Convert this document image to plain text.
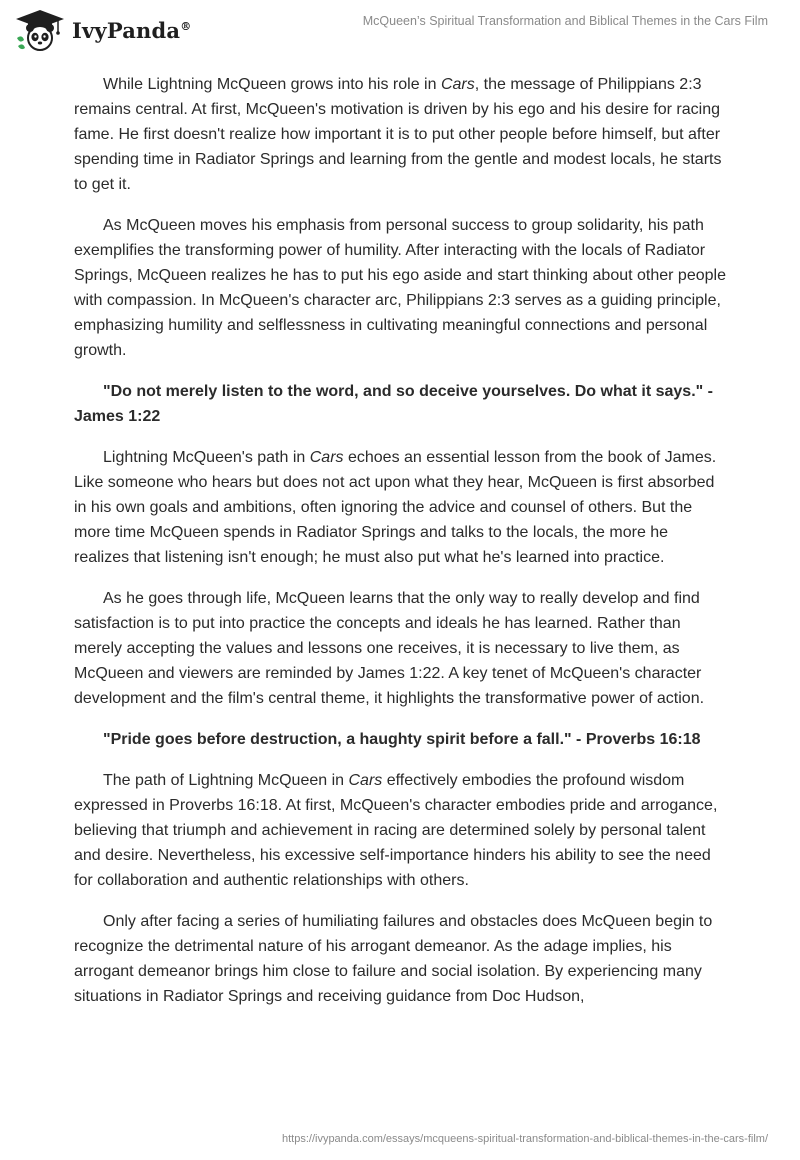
IvyPanda®	McQueen’s Spiritual Transformation and Biblical Themes in the Cars Film

While Lightning McQueen grows into his role in Cars, the message of Philippians 2:3 remains central. At first, McQueen's motivation is driven by his ego and his desire for racing fame. He first doesn't realize how important it is to put other people before himself, but after spending time in Radiator Springs and learning from the gentle and modest locals, he starts to get it.

As McQueen moves his emphasis from personal success to group solidarity, his path exemplifies the transforming power of humility. After interacting with the locals of Radiator Springs, McQueen realizes he has to put his ego aside and start thinking about other people with compassion. In McQueen's character arc, Philippians 2:3 serves as a guiding principle, emphasizing humility and selflessness in cultivating meaningful connections and personal growth.

"Do not merely listen to the word, and so deceive yourselves. Do what it says." - James 1:22

Lightning McQueen's path in Cars echoes an essential lesson from the book of James. Like someone who hears but does not act upon what they hear, McQueen is first absorbed in his own goals and ambitions, often ignoring the advice and counsel of others. But the more time McQueen spends in Radiator Springs and talks to the locals, the more he realizes that listening isn't enough; he must also put what he's learned into practice.

As he goes through life, McQueen learns that the only way to really develop and find satisfaction is to put into practice the concepts and ideals he has learned. Rather than merely accepting the values and lessons one receives, it is necessary to live them, as McQueen and viewers are reminded by James 1:22. A key tenet of McQueen's character development and the film's central theme, it highlights the transformative power of action.

"Pride goes before destruction, a haughty spirit before a fall." - Proverbs 16:18

The path of Lightning McQueen in Cars effectively embodies the profound wisdom expressed in Proverbs 16:18. At first, McQueen's character embodies pride and arrogance, believing that triumph and achievement in racing are determined solely by personal talent and desire. Nevertheless, his excessive self-importance hinders his ability to see the need for collaboration and authentic relationships with others.

Only after facing a series of humiliating failures and obstacles does McQueen begin to recognize the detrimental nature of his arrogant demeanor. As the adage implies, his arrogant demeanor brings him close to failure and social isolation. By experiencing many situations in Radiator Springs and receiving guidance from Doc Hudson,

https://ivypanda.com/essays/mcqueens-spiritual-transformation-and-biblical-themes-in-the-cars-film/
